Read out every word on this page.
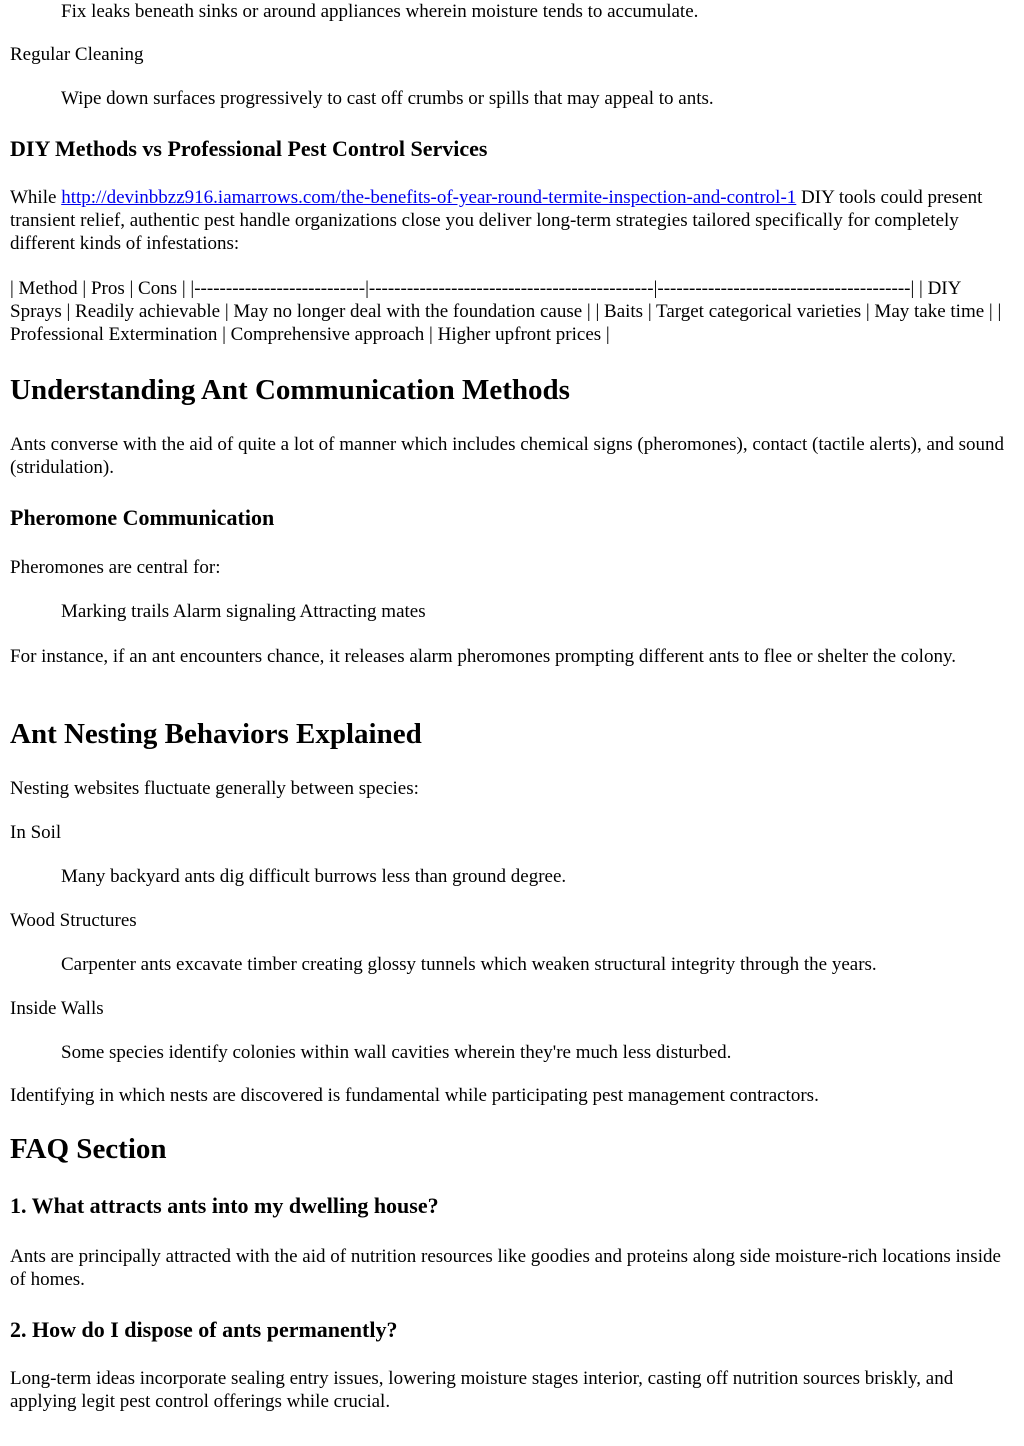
Fix leaks beneath sinks or around appliances wherein moisture tends to accumulate.

Regular Cleaning

Wipe down surfaces progressively to cast off crumbs or spills that may appeal to ants.

DIY Methods vs Professional Pest Control Services

While http://devinbbzz916.iamarrows.com/the-benefits-of-year-round-termite-inspection-and-control-1 DIY tools could present transient relief, authentic pest handle organizations close you deliver long-term strategies tailored specifically for completely different kinds of infestations:

| Method | Pros | Cons | |---------------------------|---------------------------------------------|----------------------------------------| | DIY Sprays | Readily achievable | May no longer deal with the foundation cause | | Baits | Target categorical varieties | May take time | | Professional Extermination | Comprehensive approach | Higher upfront prices |

Understanding Ant Communication Methods

Ants converse with the aid of quite a lot of manner which includes chemical signs (pheromones), contact (tactile alerts), and sound (stridulation).

Pheromone Communication

Pheromones are central for:

Marking trails Alarm signaling Attracting mates

For instance, if an ant encounters chance, it releases alarm pheromones prompting different ants to flee or shelter the colony.

Ant Nesting Behaviors Explained

Nesting websites fluctuate generally between species:

In Soil

Many backyard ants dig difficult burrows less than ground degree.

Wood Structures

Carpenter ants excavate timber creating glossy tunnels which weaken structural integrity through the years.

Inside Walls

Some species identify colonies within wall cavities wherein they're much less disturbed.

Identifying in which nests are discovered is fundamental while participating pest management contractors.

FAQ Section
1. What attracts ants into my dwelling house?

Ants are principally attracted with the aid of nutrition resources like goodies and proteins along side moisture-rich locations inside of homes.

2. How do I dispose of ants permanently?

Long-term ideas incorporate sealing entry issues, lowering moisture stages interior, casting off nutrition sources briskly, and applying legit pest control offerings while crucial.
